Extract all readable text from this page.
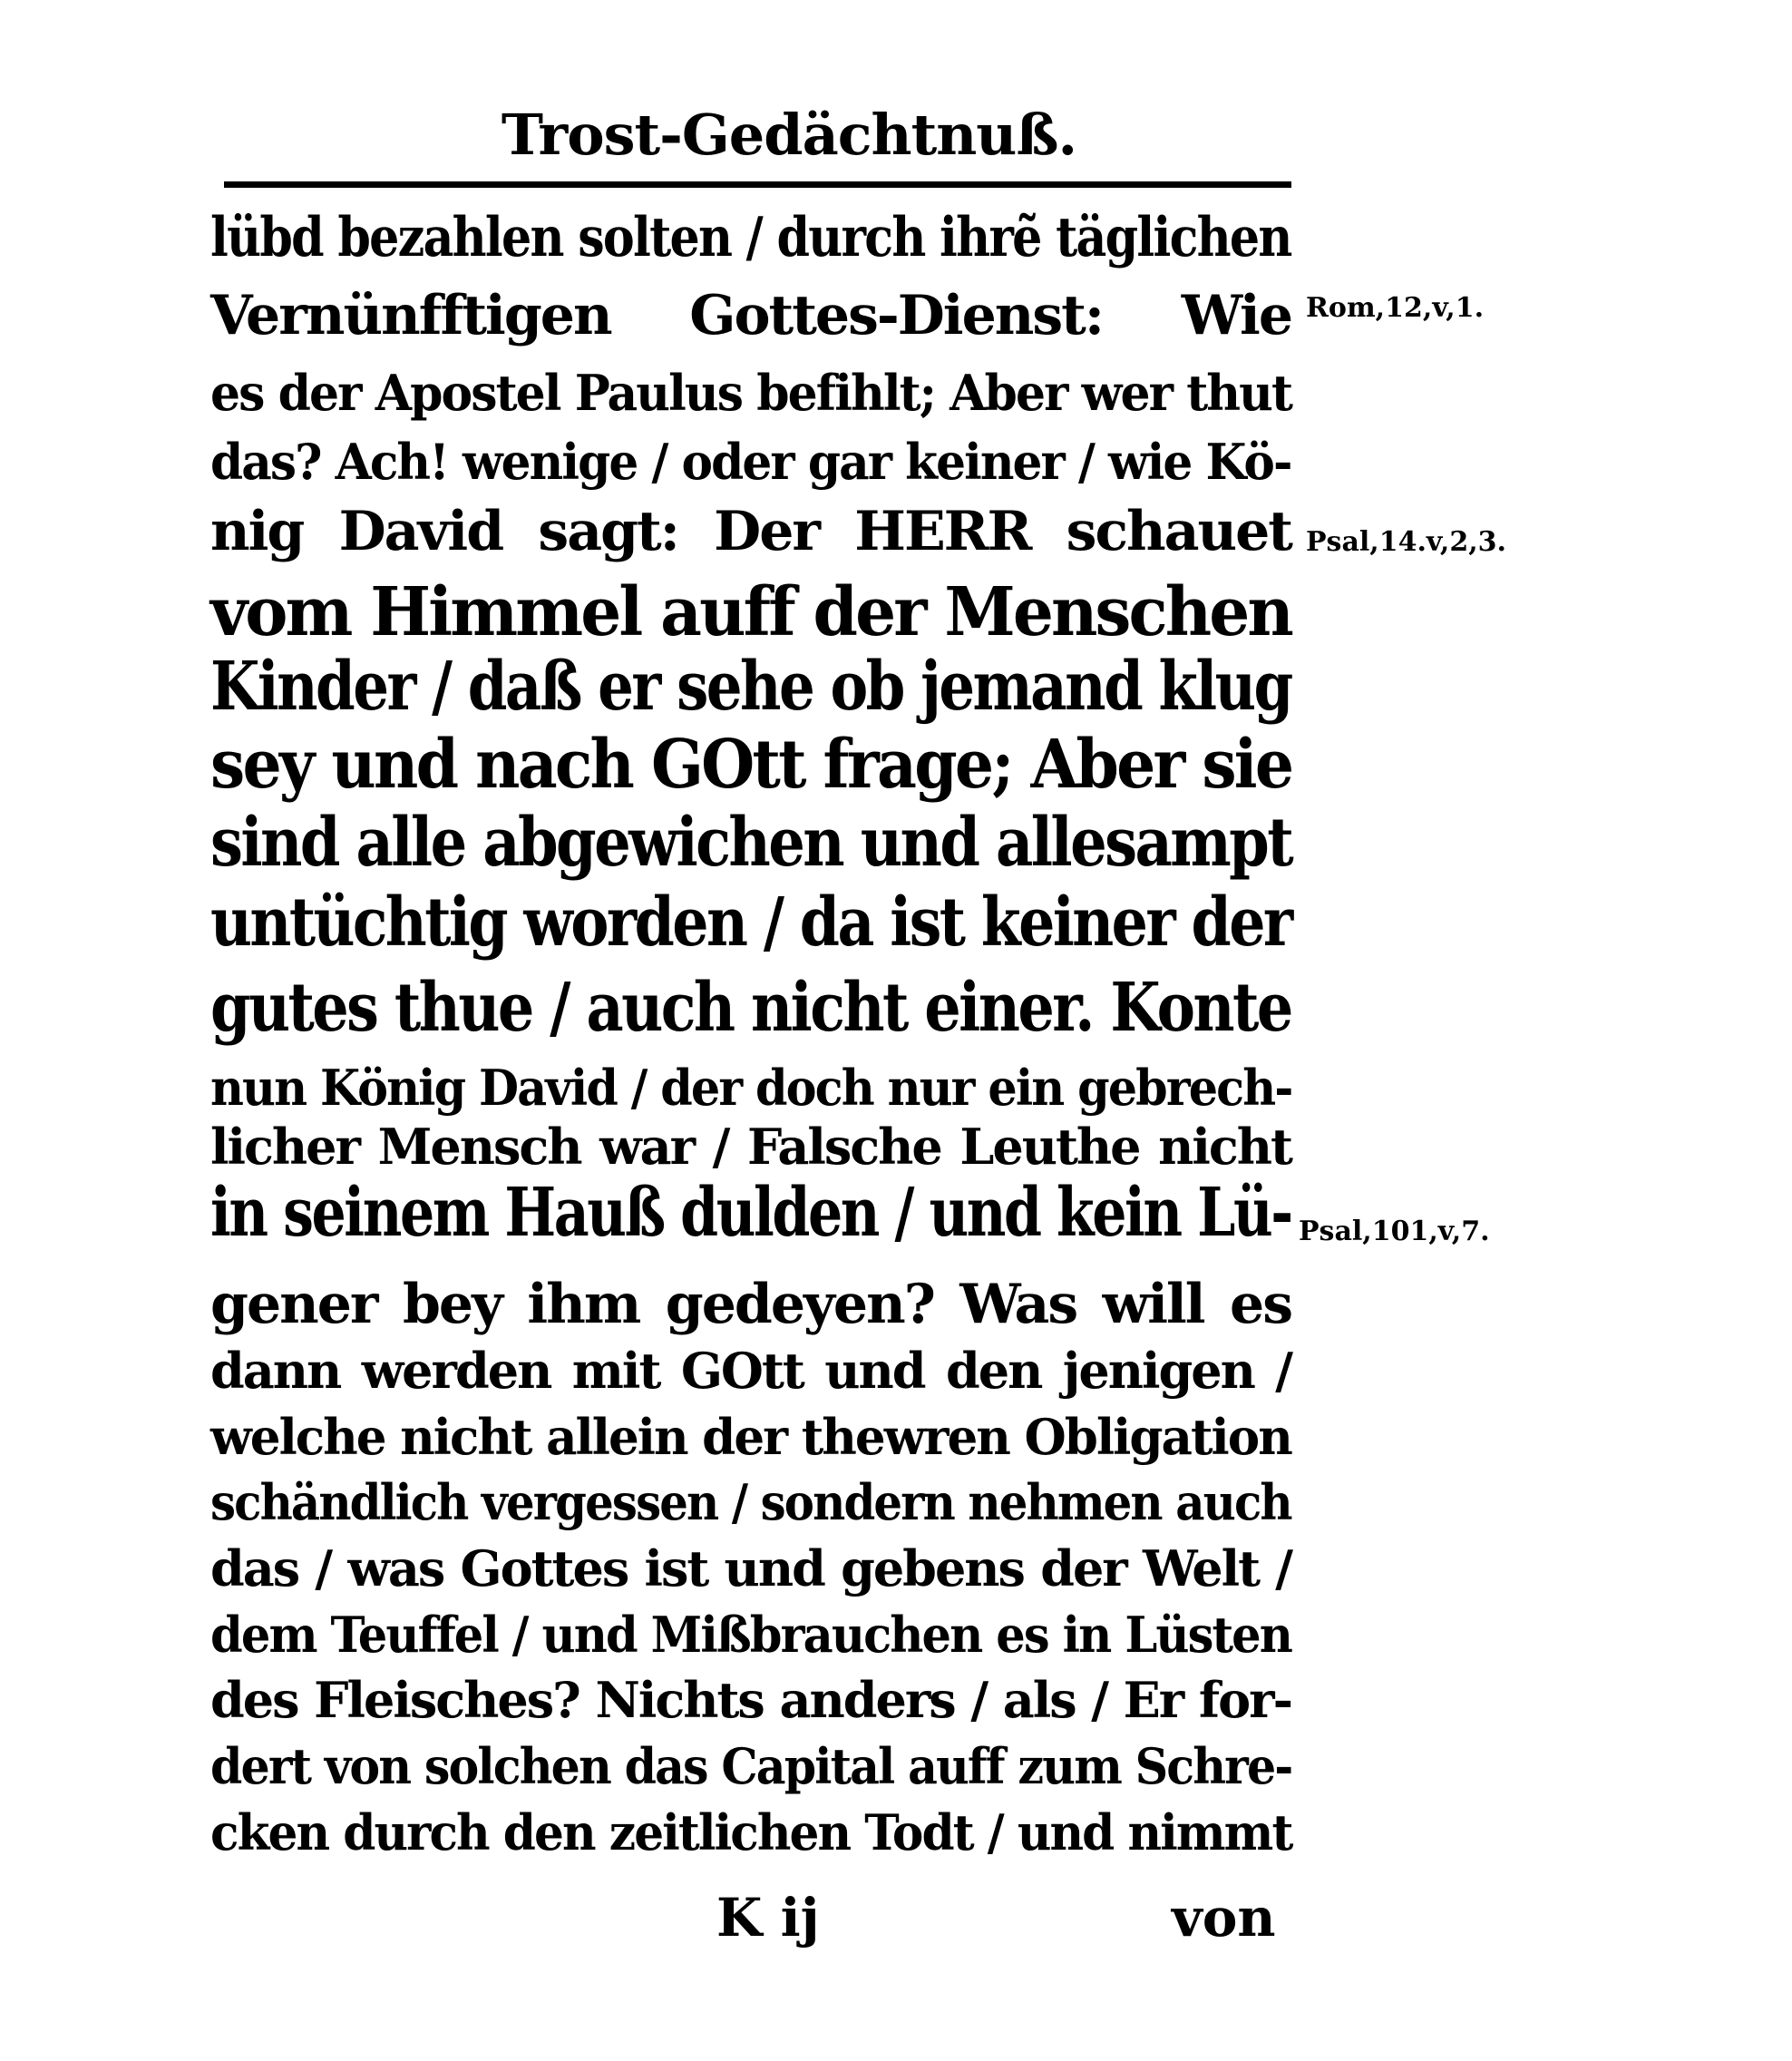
Trost-Gedächtnuß.
lübd bezahlen solten / durch ihrẽ täglichen
Vernünfftigen Gottes-Dienst: Wie
es der Apostel Paulus befihlt; Aber wer thut
das? Ach! wenige / oder gar keiner / wie Kö-
nig David sagt: Der HERR schauet
vom Himmel auff der Menschen
Kinder / daß er sehe ob jemand klug
sey und nach GOtt frage; Aber sie
sind alle abgewichen und allesampt
untüchtig worden / da ist keiner der
gutes thue / auch nicht einer. Konte
nun König David / der doch nur ein gebrech-
licher Mensch war / Falsche Leuthe nicht
in seinem Hauß dulden / und kein Lü-
gener bey ihm gedeyen? Was will es
dann werden mit GOtt und den jenigen /
welche nicht allein der thewren Obligation
schändlich vergessen / sondern nehmen auch
das / was Gottes ist und gebens der Welt /
dem Teuffel / und Mißbrauchen es in Lüsten
des Fleisches? Nichts anders / als / Er for-
dert von solchen das Capital auff zum Schre-
cken durch den zeitlichen Todt / und nimmt
Rom,12,v,1.
Psal,14.v,2,3.
Psal,101,v,7.
K ij	von
